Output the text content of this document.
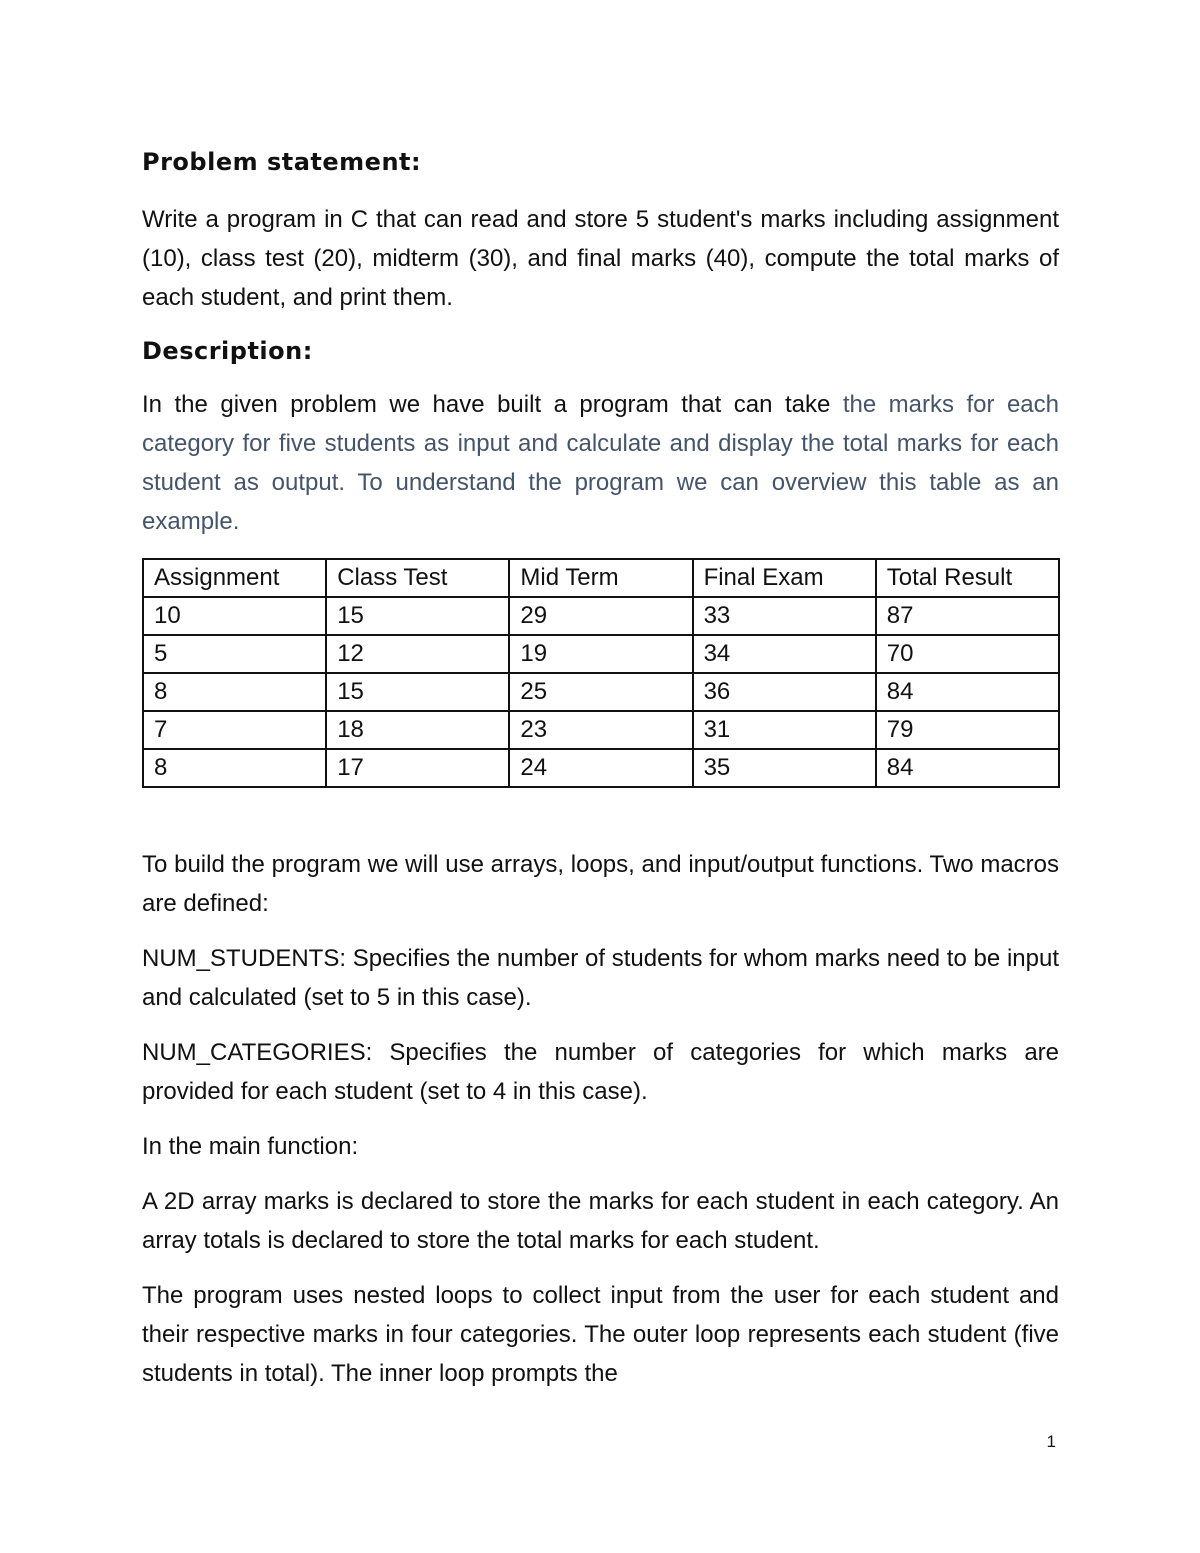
Problem statement:

Write a program in C that can read and store 5 student's marks including assignment (10), class test (20), midterm (30), and final marks (40), compute the total marks of each student, and print them.

Description:

In the given problem we have built a program that can take the marks for each category for five students as input and calculate and display the total marks for each student as output. To understand the program we can overview this table as an example.

Assignment	Class Test	Mid Term	Final Exam	Total Result
10	15	29	33	87
5	12	19	34	70
8	15	25	36	84
7	18	23	31	79
8	17	24	35	84

To build the program we will use arrays, loops, and input/output functions. Two macros are defined:

NUM_STUDENTS: Specifies the number of students for whom marks need to be input and calculated (set to 5 in this case).

NUM_CATEGORIES: Specifies the number of categories for which marks are provided for each student (set to 4 in this case).

In the main function:

A 2D array marks is declared to store the marks for each student in each category. An array totals is declared to store the total marks for each student.

The program uses nested loops to collect input from the user for each student and their respective marks in four categories. The outer loop represents each student (five students in total). The inner loop prompts the

1
